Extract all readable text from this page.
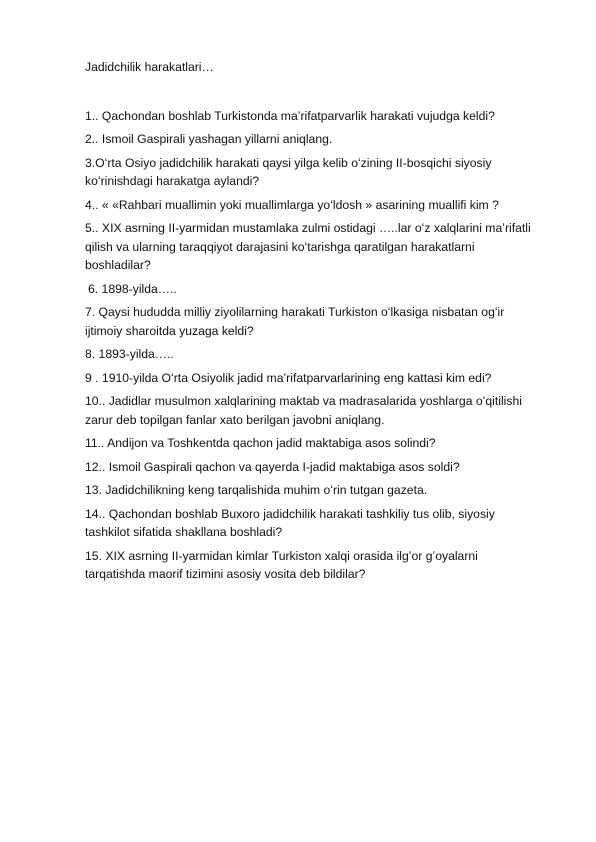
Jadidchilik harakatlari…

1.. Qachondan boshlab Turkistonda maʼrifatparvarlik harakati vujudga keldi?

2.. Ismoil Gaspirali yashagan yillarni aniqlang.

3.Oʻrta Osiyo jadidchilik harakati qaysi yilga kelib oʻzining II-bosqichi siyosiy koʻrinishdagi harakatga aylandi?

4.. « «Rahbari muallimin yoki muallimlarga yoʻldosh » asarining muallifi kim ?

5.. XIX asrning II-yarmidan mustamlaka zulmi ostidagi …..lar oʻz xalqlarini maʼrifatli qilish va ularning taraqqiyot darajasini koʻtarishga qaratilgan harakatlarni boshladilar?

6. 1898-yilda…..

7. Qaysi hududda milliy ziyolilarning harakati Turkiston oʻlkasiga nisbatan ogʻir ijtimoiy sharoitda yuzaga keldi?

8. 1893-yilda…..

9 . 1910-yilda Oʻrta Osiyolik jadid maʼrifatparvarlarining eng kattasi kim edi?

10.. Jadidlar musulmon xalqlarining maktab va madrasalarida yoshlarga oʻqitilishi zarur deb topilgan fanlar xato berilgan javobni aniqlang.

11.. Andijon va Toshkentda qachon jadid maktabiga asos solindi?

12.. Ismoil Gaspirali qachon va qayerda I-jadid maktabiga asos soldi?

13. Jadidchilikning keng tarqalishida muhim oʻrin tutgan gazeta.

14.. Qachondan boshlab Buxoro jadidchilik harakati tashkiliy tus olib, siyosiy tashkilot sifatida shakllana boshladi?

15. XIX asrning II-yarmidan kimlar Turkiston xalqi orasida ilgʼor gʼoyalarni tarqatishda maorif tizimini asosiy vosita deb bildilar?
